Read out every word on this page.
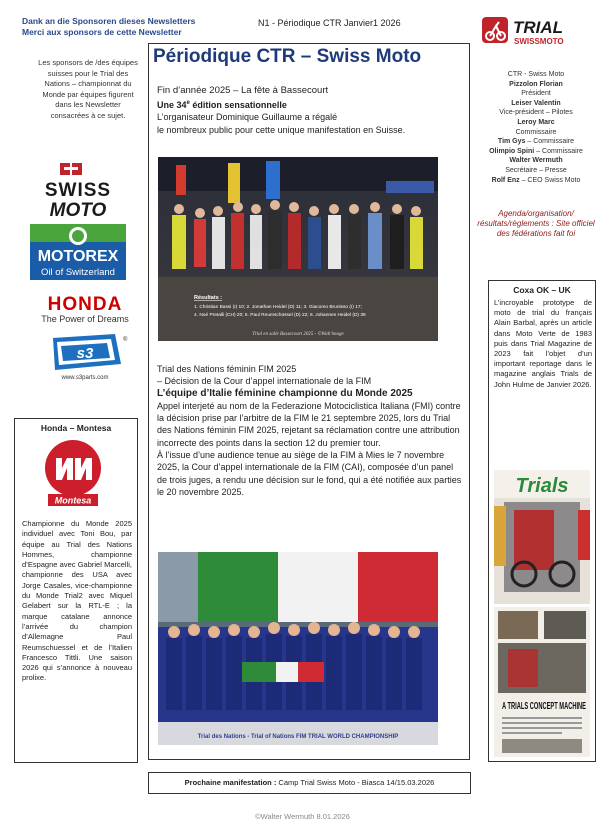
Dank an die Sponsoren dieses Newsletters
Merci aux sponsors de cette Newsletter
N1 - Périodique CTR Janvier1 2026	TRIAL
SWISSMOTO
Périodique CTR – Swiss Moto
Les sponsors de /des équipes suisses pour le Trial des Nations – championnat du Monde par équipes figurent dans les Newsletter consacrées à ce sujet.
SWISS
MOTO
MOTOREX
Oil of Switzerland
HONDA
The Power of Dreams
s3
®
www.s3parts.com
Honda – Montesa
Montesa
Championne du Monde 2025 individuel avec Toni Bou, par équipe au Trial des Nations Hommes, championne d’Espagne avec Gabriel Marcelli, championne des USA avec Jorge Casales, vice-championne du Monde Trial2 avec Miquel Gelabert sur la RTL-E ; la marque catalane annonce l’arrivée du champion d’Allemagne Paul Reumschuessel et de l’Italien Francesco Tittli. Une saison 2026 qui s’annonce à nouveau prolixe.
Fin d’année 2025 – La fête à Bassecourt
Une 34e édition sensationnelle
L’organisateur Dominique Guillaume a régalé
le nombreux public pour cette unique manifestation en Suisse.
Résultats :
1. Christian Bassi (I) 10; 2. Jonathan Heidel (D) 11; 3. Giacomo Brunisso (I) 17;
4. Noé Pretalli (CH) 20; 5. Paul Reumschüssel (D) 22; 6. Johannes Heidel (D) 38
Trial en salle Bassecourt 2025 - ©Walt'image
Trial des Nations féminin FIM 2025
– Décision de la Cour d’appel internationale de la FIM
L’équipe d’Italie féminine championne du Monde 2025
Appel interjeté au nom de la Federazione Motociclistica Italiana (FMI) contre la décision prise par l’arbitre de la FIM le 21 septembre 2025, lors du Trial des Nations féminin FIM 2025, rejetant sa réclamation contre une attribution incorrecte des points dans la section 12 du premier tour.
À l’issue d’une audience tenue au siège de la FIM à Mies le 7 novembre 2025, la Cour d’appel internationale de la FIM (CAI), composée d’un panel de trois juges, a rendu une décision sur le fond, qui a été notifiée aux parties le 20 novembre 2025.
Trial des Nations - Trial of Nations FIM TRIAL WORLD CHAMPIONSHIP
CTR - Swiss Moto
Pizzolon Florian
Président
Leiser Valentin
Vice-président – Pilotes
Leroy Marc
Commissaire
Tim Gys – Commissaire
Olimpio Spini – Commissaire
Walter Wermuth
Secrétaire – Presse
Rolf Enz – CEO Swiss Moto
Agenda/organisation/ résultats/règlements : Site officiel des fédérations fait foi
Coxa OK – UK
L’incroyable prototype de moto de trial du français Alain Barbal, après un article dans Moto Verte de 1983 puis dans Trial Magazine de 2023 fait l’objet d’un important reportage dans le magazine anglais Trials de John Hulme de Janvier 2026.
Trials
A TRIALS CONCEPT MACHINE
Prochaine manifestation : Camp Trial Swiss Moto - Biasca 14/15.03.2026
©Walter Wermuth 8.01.2026
